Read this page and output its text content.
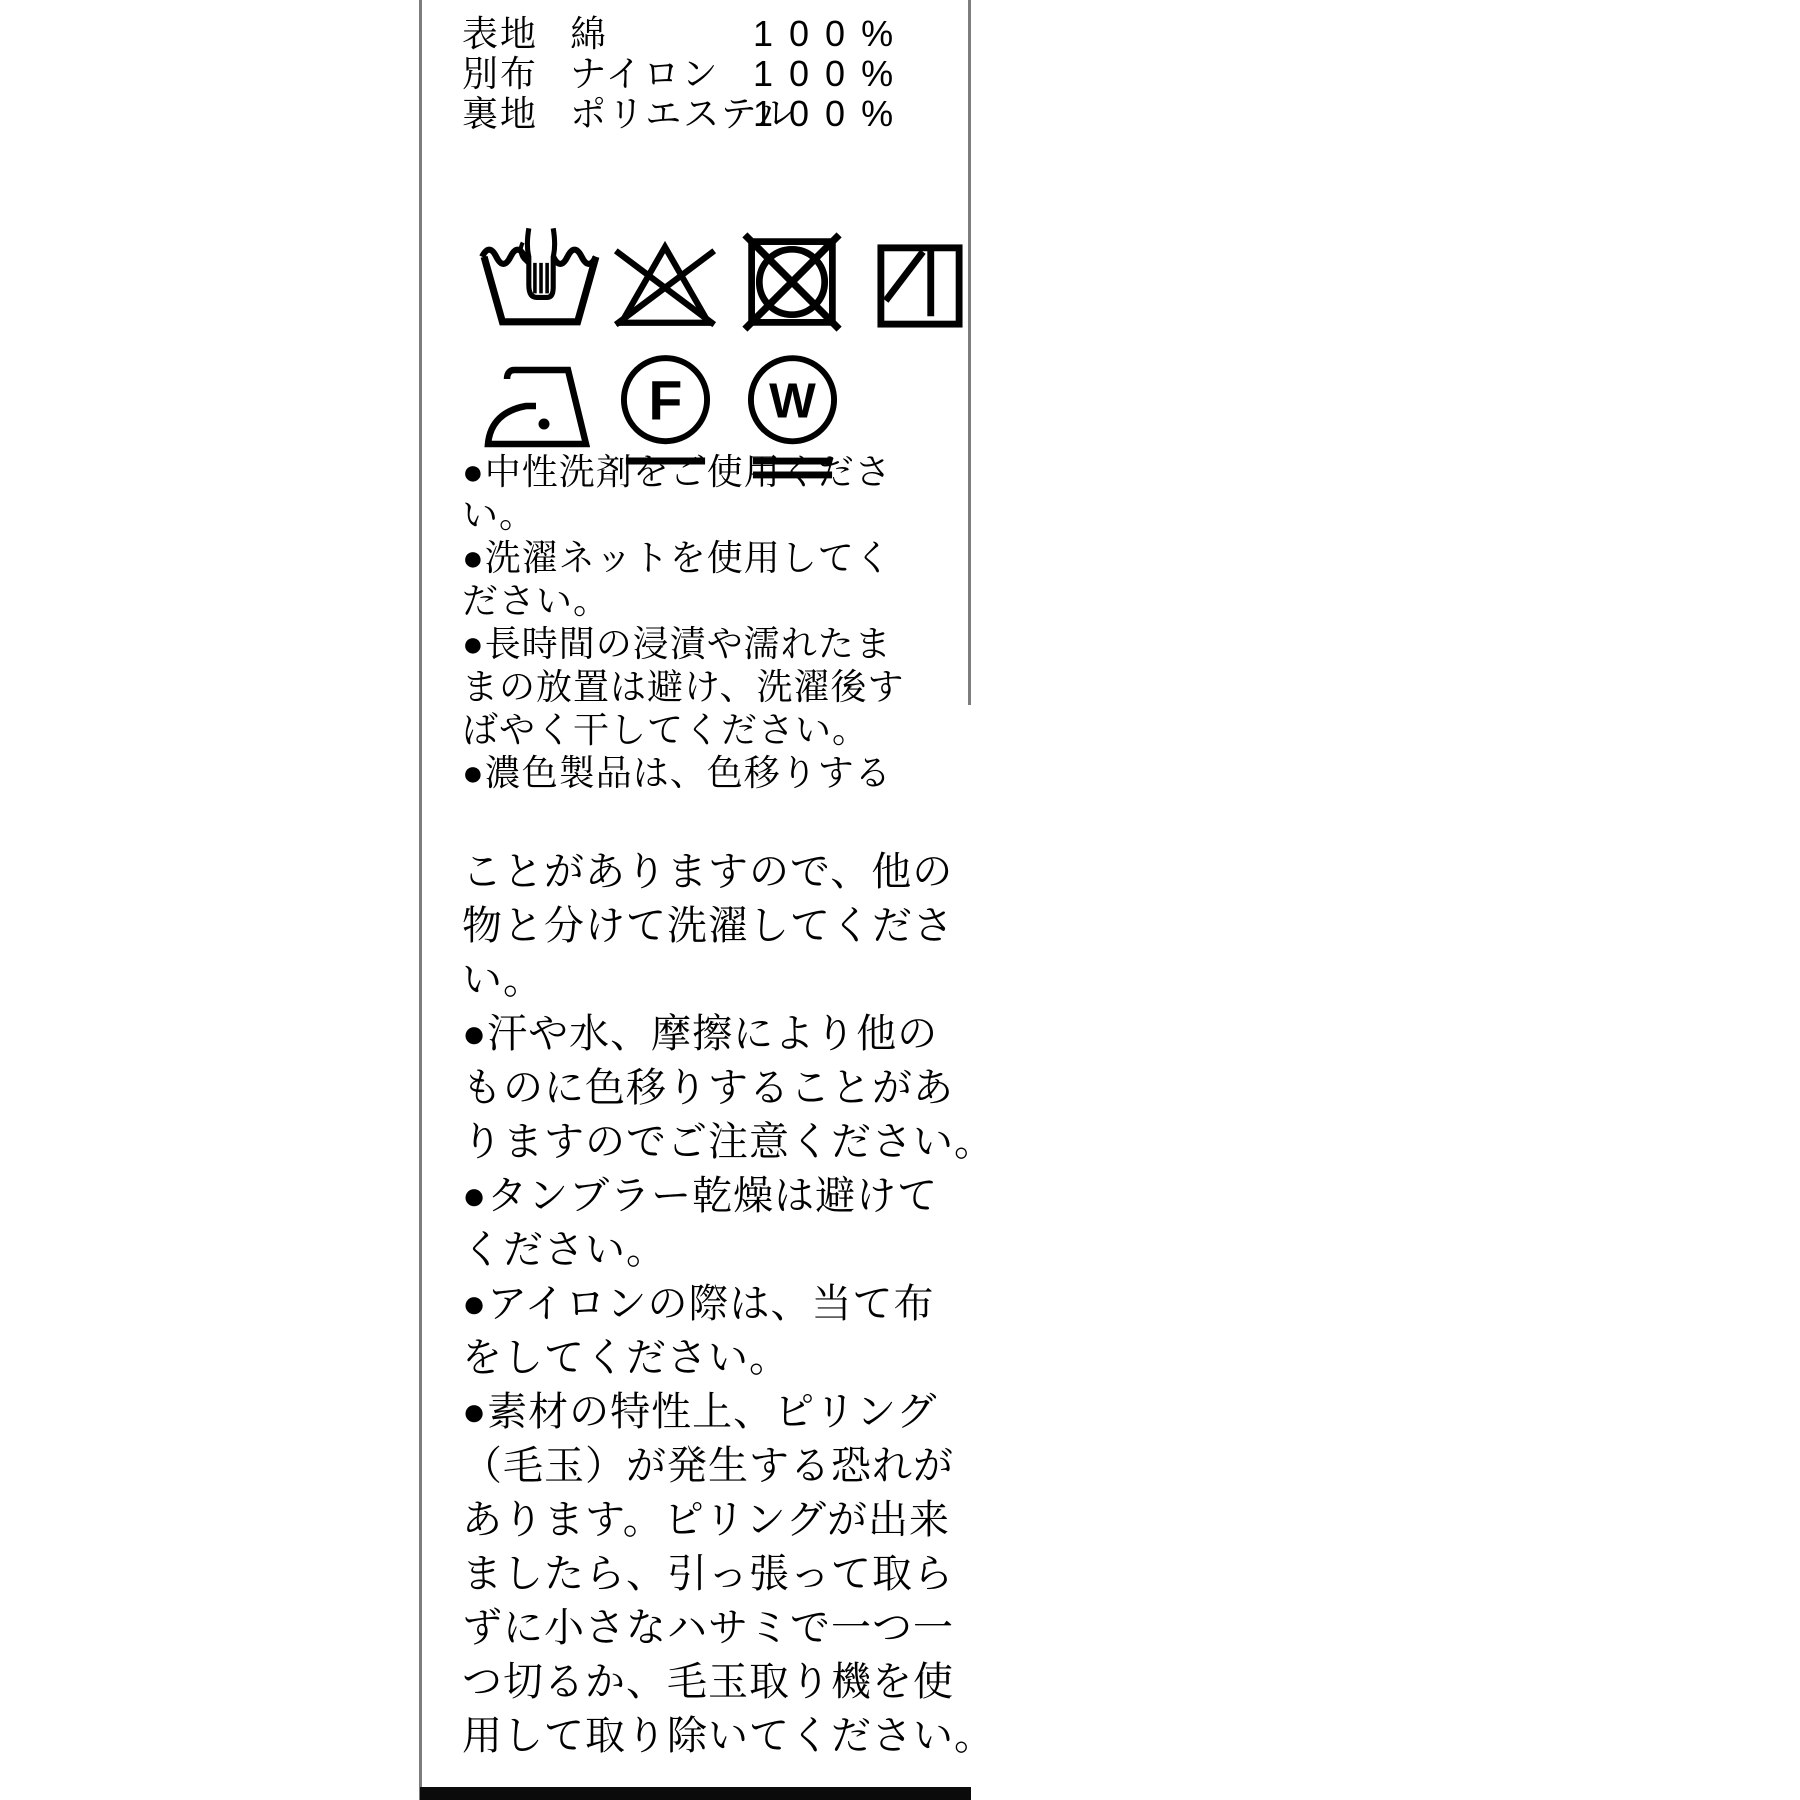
表地 綿	100%
別布 ナイロン 100%
裏地 ポリエステル
100%
F W
●中性洗剤をご使用くださ
い。
●洗濯ネットを使用してく
ださい。
●長時間の浸漬や濡れたま
まの放置は避け、洗濯後す
ばやく干してください。
●濃色製品は、色移りする
ことがありますので、他の
物と分けて洗濯してくださ
い。
●汗や水、摩擦により他の
ものに色移りすることがあ
りますのでご注意ください。
●タンブラー乾燥は避けて
ください。
●アイロンの際は、当て布
をしてください。
●素材の特性上、ピリング
（毛玉）が発生する恐れが
あります。ピリングが出来
ましたら、引っ張って取ら
ずに小さなハサミで一つ一
つ切るか、毛玉取り機を使
用して取り除いてください。
